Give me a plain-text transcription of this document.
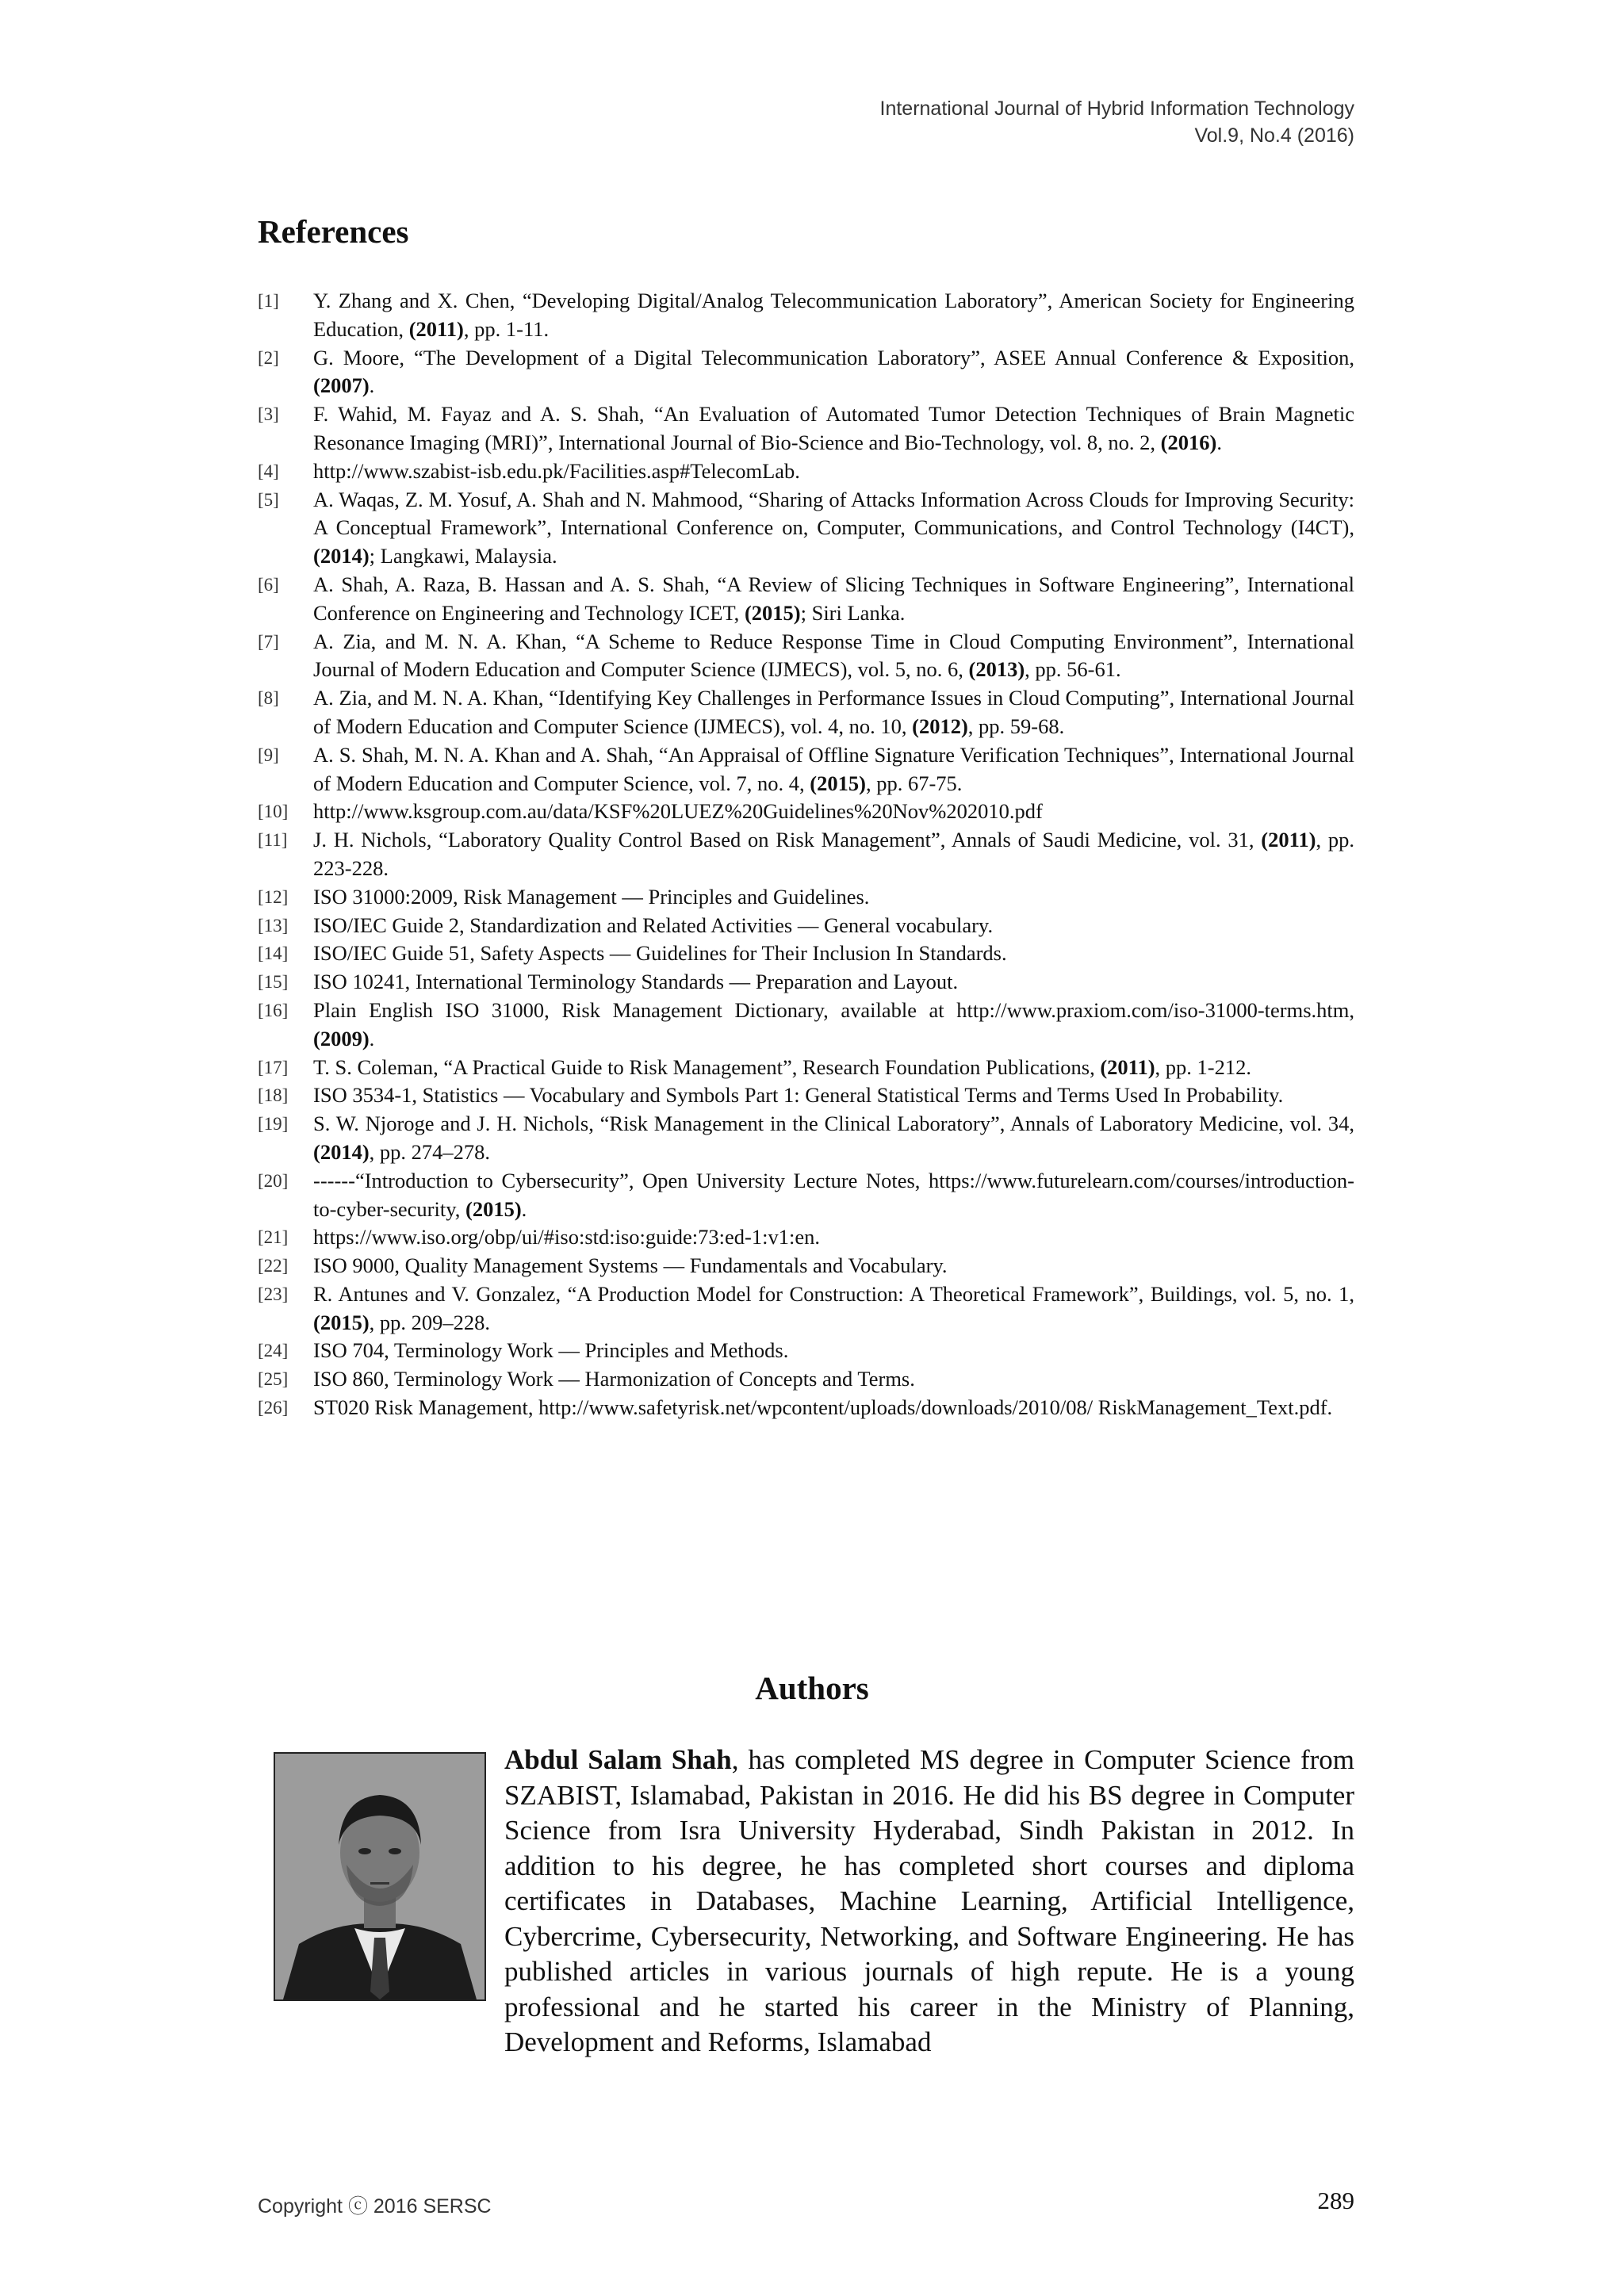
International Journal of Hybrid Information Technology
Vol.9, No.4 (2016)
References
[1]	Y. Zhang and X. Chen, “Developing Digital/Analog Telecommunication Laboratory”, American Society for Engineering Education, (2011), pp. 1-11.
[2]	G. Moore, “The Development of a Digital Telecommunication Laboratory”, ASEE Annual Conference & Exposition, (2007).
[3]	F. Wahid, M. Fayaz and A. S. Shah, “An Evaluation of Automated Tumor Detection Techniques of Brain Magnetic Resonance Imaging (MRI)”, International Journal of Bio-Science and Bio-Technology, vol. 8, no. 2, (2016).
[4]	http://www.szabist-isb.edu.pk/Facilities.asp#TelecomLab.
[5]	A. Waqas, Z. M. Yosuf, A. Shah and N. Mahmood, “Sharing of Attacks Information Across Clouds for Improving Security: A Conceptual Framework”, International Conference on, Computer, Communications, and Control Technology (I4CT), (2014); Langkawi, Malaysia.
[6]	A. Shah, A. Raza, B. Hassan and A. S. Shah, “A Review of Slicing Techniques in Software Engineering”, International Conference on Engineering and Technology ICET, (2015); Siri Lanka.
[7]	A. Zia, and M. N. A. Khan, “A Scheme to Reduce Response Time in Cloud Computing Environment”, International Journal of Modern Education and Computer Science (IJMECS), vol. 5, no. 6, (2013), pp. 56-61.
[8]	A. Zia, and M. N. A. Khan, “Identifying Key Challenges in Performance Issues in Cloud Computing”, International Journal of Modern Education and Computer Science (IJMECS), vol. 4, no. 10, (2012), pp. 59-68.
[9]	A. S. Shah, M. N. A. Khan and A. Shah, “An Appraisal of Offline Signature Verification Techniques”, International Journal of Modern Education and Computer Science, vol. 7, no. 4, (2015), pp. 67-75.
[10]	http://www.ksgroup.com.au/data/KSF%20LUEZ%20Guidelines%20Nov%202010.pdf
[11]	J. H. Nichols, “Laboratory Quality Control Based on Risk Management”, Annals of Saudi Medicine, vol. 31, (2011), pp. 223-228.
[12]	ISO 31000:2009, Risk Management — Principles and Guidelines.
[13]	ISO/IEC Guide 2, Standardization and Related Activities — General vocabulary.
[14]	ISO/IEC Guide 51, Safety Aspects — Guidelines for Their Inclusion In Standards.
[15]	ISO 10241, International Terminology Standards — Preparation and Layout.
[16]	Plain English ISO 31000, Risk Management Dictionary, available at http://www.praxiom.com/iso-31000-terms.htm, (2009).
[17]	T. S. Coleman, “A Practical Guide to Risk Management”, Research Foundation Publications, (2011), pp. 1-212.
[18]	ISO 3534-1, Statistics — Vocabulary and Symbols Part 1: General Statistical Terms and Terms Used In Probability.
[19]	S. W. Njoroge and J. H. Nichols, “Risk Management in the Clinical Laboratory”, Annals of Laboratory Medicine, vol. 34, (2014), pp. 274–278.
[20]	------“Introduction to Cybersecurity”, Open University Lecture Notes, https://www.futurelearn.com/courses/introduction-to-cyber-security, (2015).
[21]	https://www.iso.org/obp/ui/#iso:std:iso:guide:73:ed-1:v1:en.
[22]	ISO 9000, Quality Management Systems — Fundamentals and Vocabulary.
[23]	R. Antunes and V. Gonzalez, “A Production Model for Construction: A Theoretical Framework”, Buildings, vol. 5, no. 1, (2015), pp. 209–228.
[24]	ISO 704, Terminology Work — Principles and Methods.
[25]	ISO 860, Terminology Work — Harmonization of Concepts and Terms.
[26]	ST020 Risk Management, http://www.safetyrisk.net/wpcontent/uploads/downloads/2010/08/ RiskManagement_Text.pdf.
Authors
Abdul Salam Shah, has completed MS degree in Computer Science from SZABIST, Islamabad, Pakistan in 2016. He did his BS degree in Computer Science from Isra University Hyderabad, Sindh Pakistan in 2012. In addition to his degree, he has completed short courses and diploma certificates in Databases, Machine Learning, Artificial Intelligence, Cybercrime, Cybersecurity, Networking, and Software Engineering. He has published articles in various journals of high repute. He is a young professional and he started his career in the Ministry of Planning, Development and Reforms, Islamabad
Copyright ⓒ 2016 SERSC	289
